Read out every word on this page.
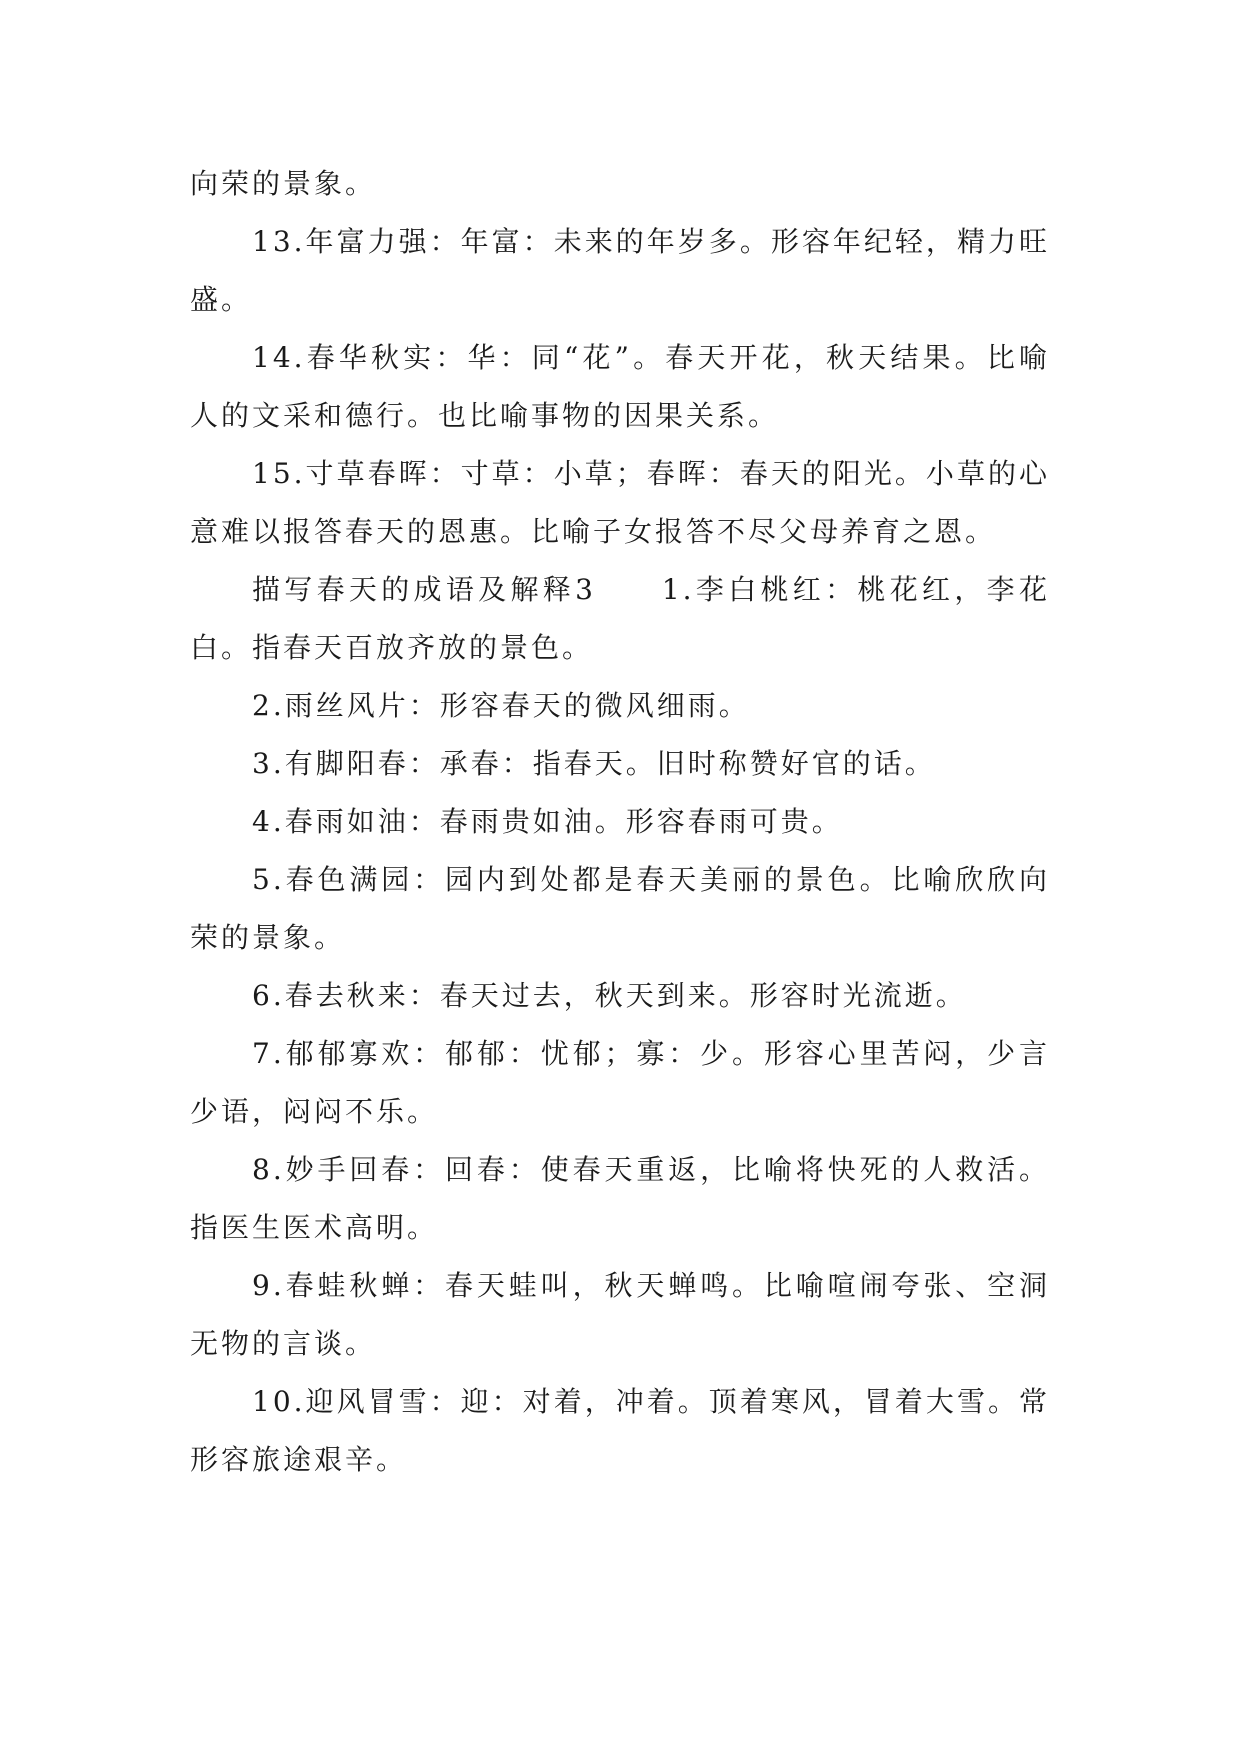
向荣的景象。

13.年富力强：年富：未来的年岁多。形容年纪轻，精力旺盛。

14.春华秋实：华：同“花”。春天开花，秋天结果。比喻人的文采和德行。也比喻事物的因果关系。

15.寸草春晖：寸草：小草；春晖：春天的阳光。小草的心意难以报答春天的恩惠。比喻子女报答不尽父母养育之恩。

描写春天的成语及解释3　　1.李白桃红：桃花红，李花白。指春天百放齐放的景色。

2.雨丝风片：形容春天的微风细雨。

3.有脚阳春：承春：指春天。旧时称赞好官的话。

4.春雨如油：春雨贵如油。形容春雨可贵。

5.春色满园：园内到处都是春天美丽的景色。比喻欣欣向荣的景象。

6.春去秋来：春天过去，秋天到来。形容时光流逝。

7.郁郁寡欢：郁郁：忧郁；寡：少。形容心里苦闷，少言少语，闷闷不乐。

8.妙手回春：回春：使春天重返，比喻将快死的人救活。指医生医术高明。

9.春蛙秋蝉：春天蛙叫，秋天蝉鸣。比喻喧闹夸张、空洞无物的言谈。

10.迎风冒雪：迎：对着，冲着。顶着寒风，冒着大雪。常形容旅途艰辛。
